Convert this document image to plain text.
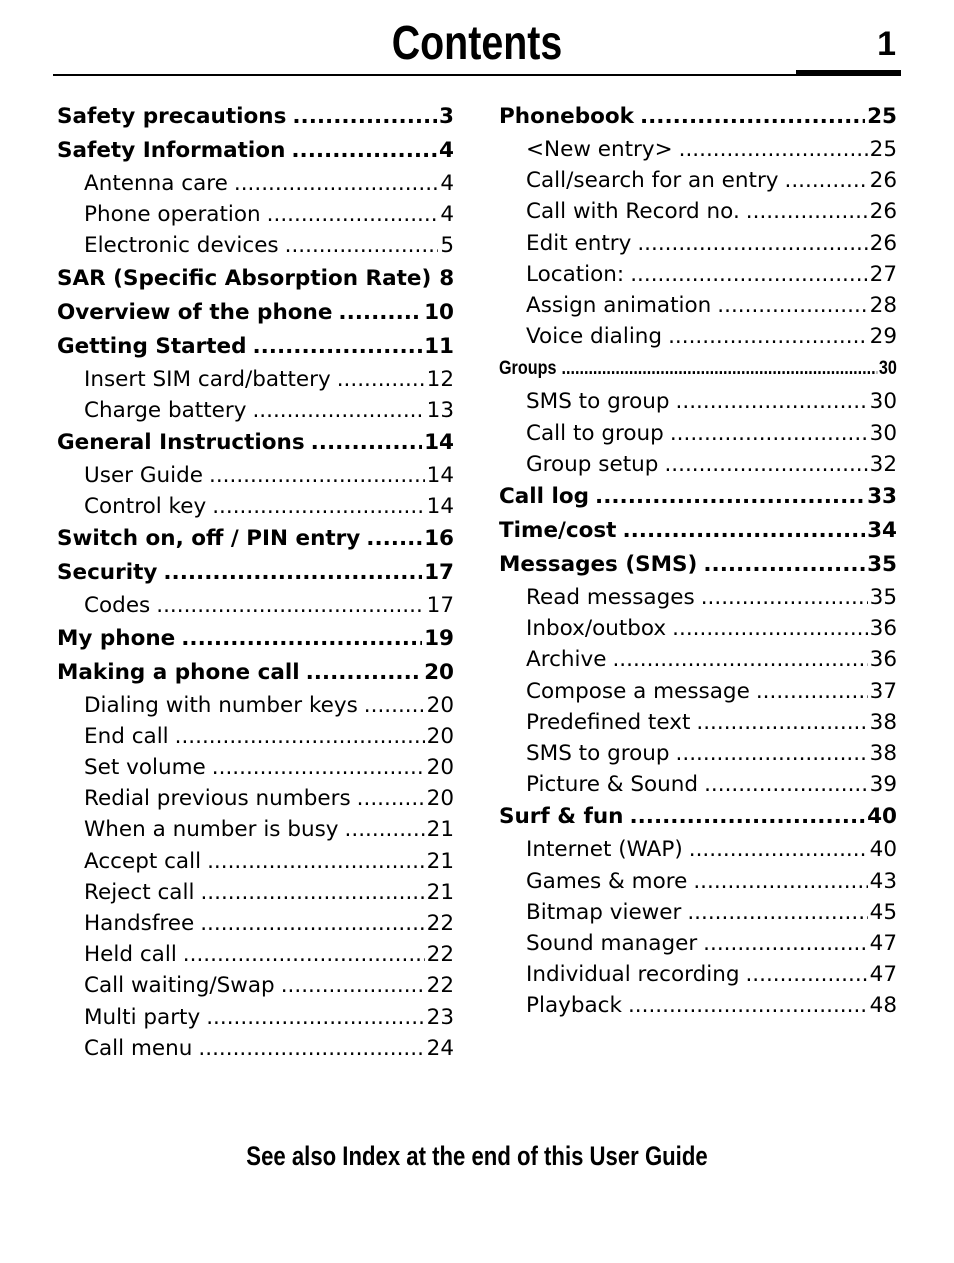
Contents	1
Safety precautions .....	3
Safety Information .....	4
Antenna care .....	4
Phone operation .....	4
Electronic devices .....	5
SAR (Specific Absorption Rate) 8
Overview of the phone .....	10
Getting Started .....	11
Insert SIM card/battery .....	12
Charge battery .....	13
General Instructions .....	14
User Guide .....	14
Control key .....	14
Switch on, off / PIN entry .....	16
Security .....	17
Codes .....	17
My phone .....	19
Making a phone call .....	20
Dialing with number keys .....	20
End call .....	20
Set volume .....	20
Redial previous numbers .....	20
When a number is busy .....	21
Accept call .....	21
Reject call .....	21
Handsfree .....	22
Held call .....	22
Call waiting/Swap .....	22
Multi party .....	23
Call menu .....	24
Phonebook .....	25
<New entry> .....	25
Call/search for an entry .....	26
Call with Record no. .....	26
Edit entry .....	26
Location: .....	27
Assign animation .....	28
Voice dialing .....	29
Groups .....	30
SMS to group .....	30
Call to group .....	30
Group setup .....	32
Call log .....	33
Time/cost .....	34
Messages (SMS) .....	35
Read messages .....	35
Inbox/outbox .....	36
Archive .....	36
Compose a message .....	37
Predefined text .....	38
SMS to group .....	38
Picture & Sound .....	39
Surf & fun .....	40
Internet (WAP) .....	40
Games & more .....	43
Bitmap viewer .....	45
Sound manager .....	47
Individual recording .....	47
Playback .....	48
See also Index at the end of this User Guide
